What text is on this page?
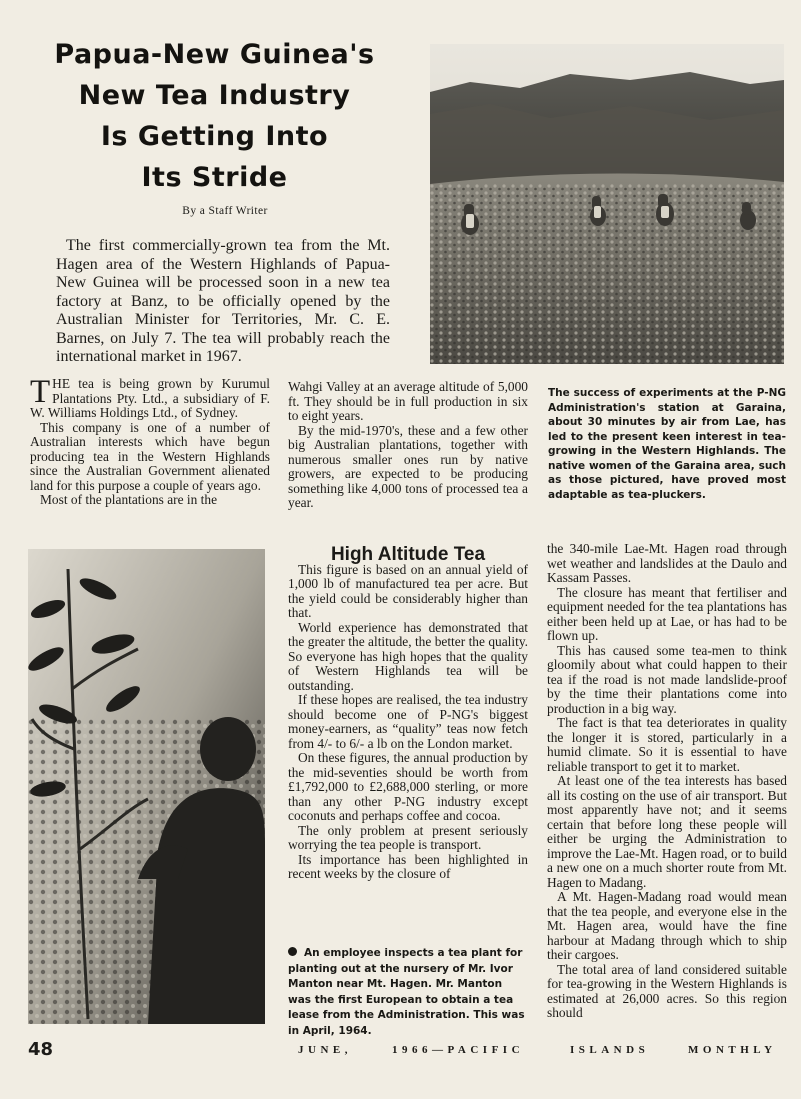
Papua-New Guinea's
New Tea Industry
Is Getting Into
Its Stride
By a Staff Writer

The first commercially-grown tea from the Mt. Hagen area of the Western Highlands of Papua-New Guinea will be processed soon in a new tea factory at Banz, to be officially opened by the Australian Minister for Territories, Mr. C. E. Barnes, on July 7. The tea will probably reach the international market in 1967.

THE tea is being grown by Kurumul Plantations Pty. Ltd., a subsidiary of F. W. Williams Holdings Ltd., of Sydney.

This company is one of a number of Australian interests which have begun producing tea in the Western Highlands since the Australian Government alienated land for this purpose a couple of years ago.

Most of the plantations are in the

Wahgi Valley at an average altitude of 5,000 ft. They should be in full production in six to eight years.

By the mid-1970's, these and a few other big Australian plantations, together with numerous smaller ones run by native growers, are expected to be producing something like 4,000 tons of processed tea a year.

The success of experiments at the P-NG Administration's station at Garaina, about 30 minutes by air from Lae, has led to the present keen interest in tea-growing in the Western Highlands. The native women of the Garaina area, such as those pictured, have proved most adaptable as tea-pluckers.

High Altitude Tea

This figure is based on an annual yield of 1,000 lb of manufactured tea per acre. But the yield could be considerably higher than that.

World experience has demonstrated that the greater the altitude, the better the quality. So everyone has high hopes that the quality of Western Highlands tea will be outstanding.

If these hopes are realised, the tea industry should become one of P-NG's biggest money-earners, as “quality” teas now fetch from 4/- to 6/- a lb on the London market.

On these figures, the annual production by the mid-seventies should be worth from £1,792,000 to £2,688,000 sterling, or more than any other P-NG industry except coconuts and perhaps coffee and cocoa.

The only problem at present seriously worrying the tea people is transport.

Its importance has been highlighted in recent weeks by the closure of

An employee inspects a tea plant for planting out at the nursery of Mr. Ivor Manton near Mt. Hagen. Mr. Manton was the first European to obtain a tea lease from the Administration. This was in April, 1964.

the 340-mile Lae-Mt. Hagen road through wet weather and landslides at the Daulo and Kassam Passes.

The closure has meant that fertiliser and equipment needed for the tea plantations has either been held up at Lae, or has had to be flown up.

This has caused some tea-men to think gloomily about what could happen to their tea if the road is not made landslide-proof by the time their plantations come into production in a big way.

The fact is that tea deteriorates in quality the longer it is stored, particularly in a humid climate. So it is essential to have reliable transport to get it to market.

At least one of the tea interests has based all its costing on the use of air transport. But most apparently have not; and it seems certain that before long these people will either be urging the Administration to improve the Lae-Mt. Hagen road, or to build a new one on a much shorter route from Mt. Hagen to Madang.

A Mt. Hagen-Madang road would mean that the tea people, and everyone else in the Mt. Hagen area, would have the fine harbour at Madang through which to ship their cargoes.

The total area of land considered suitable for tea-growing in the Western Highlands is estimated at 26,000 acres. So this region should

48	JUNE,	1966—PACIFIC	ISLANDS	MONTHLY
